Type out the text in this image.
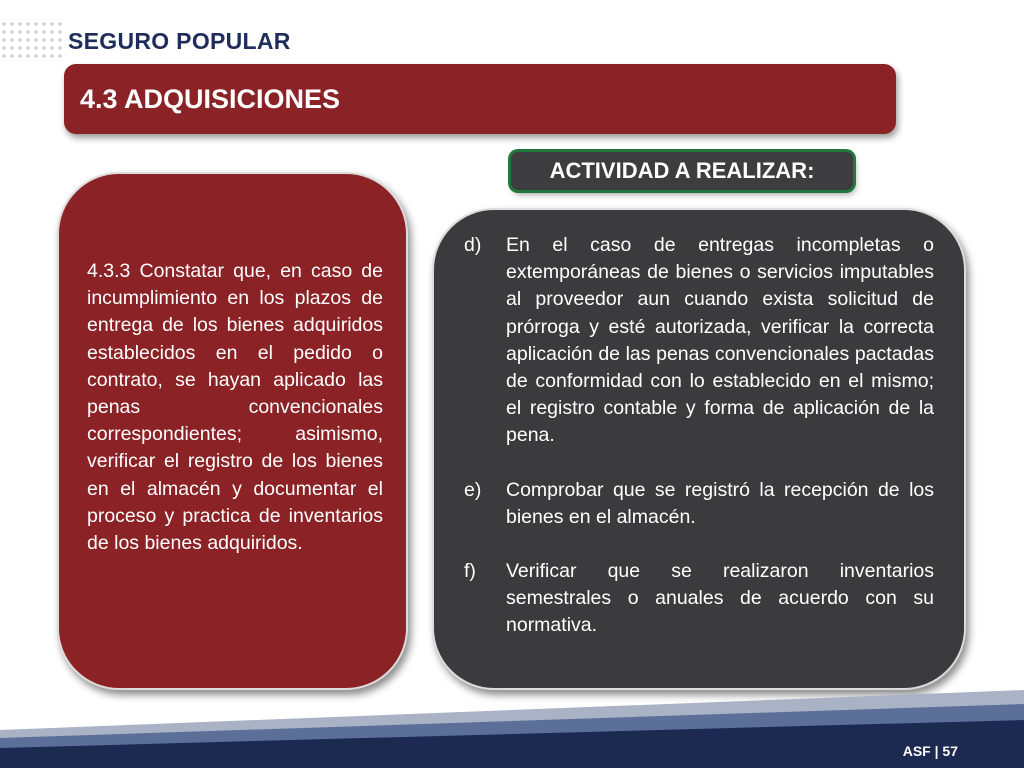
SEGURO POPULAR
4.3 ADQUISICIONES
ACTIVIDAD A REALIZAR:

4.3.3 Constatar que, en caso de incumplimiento en los plazos de entrega de los bienes adquiridos establecidos en el pedido o contrato, se hayan aplicado las penas convencionales correspondientes; asimismo, verificar el registro de los bienes en el almacén y documentar el proceso y practica de inventarios de los bienes adquiridos.

d) En el caso de entregas incompletas o extemporáneas de bienes o servicios imputables al proveedor aun cuando exista solicitud de prórroga y esté autorizada, verificar la correcta aplicación de las penas convencionales pactadas de conformidad con lo establecido en el mismo; el registro contable y forma de aplicación de la pena.
e) Comprobar que se registró la recepción de los bienes en el almacén.
f) Verificar que se realizaron inventarios semestrales o anuales de acuerdo con su normativa.
ASF | 57
